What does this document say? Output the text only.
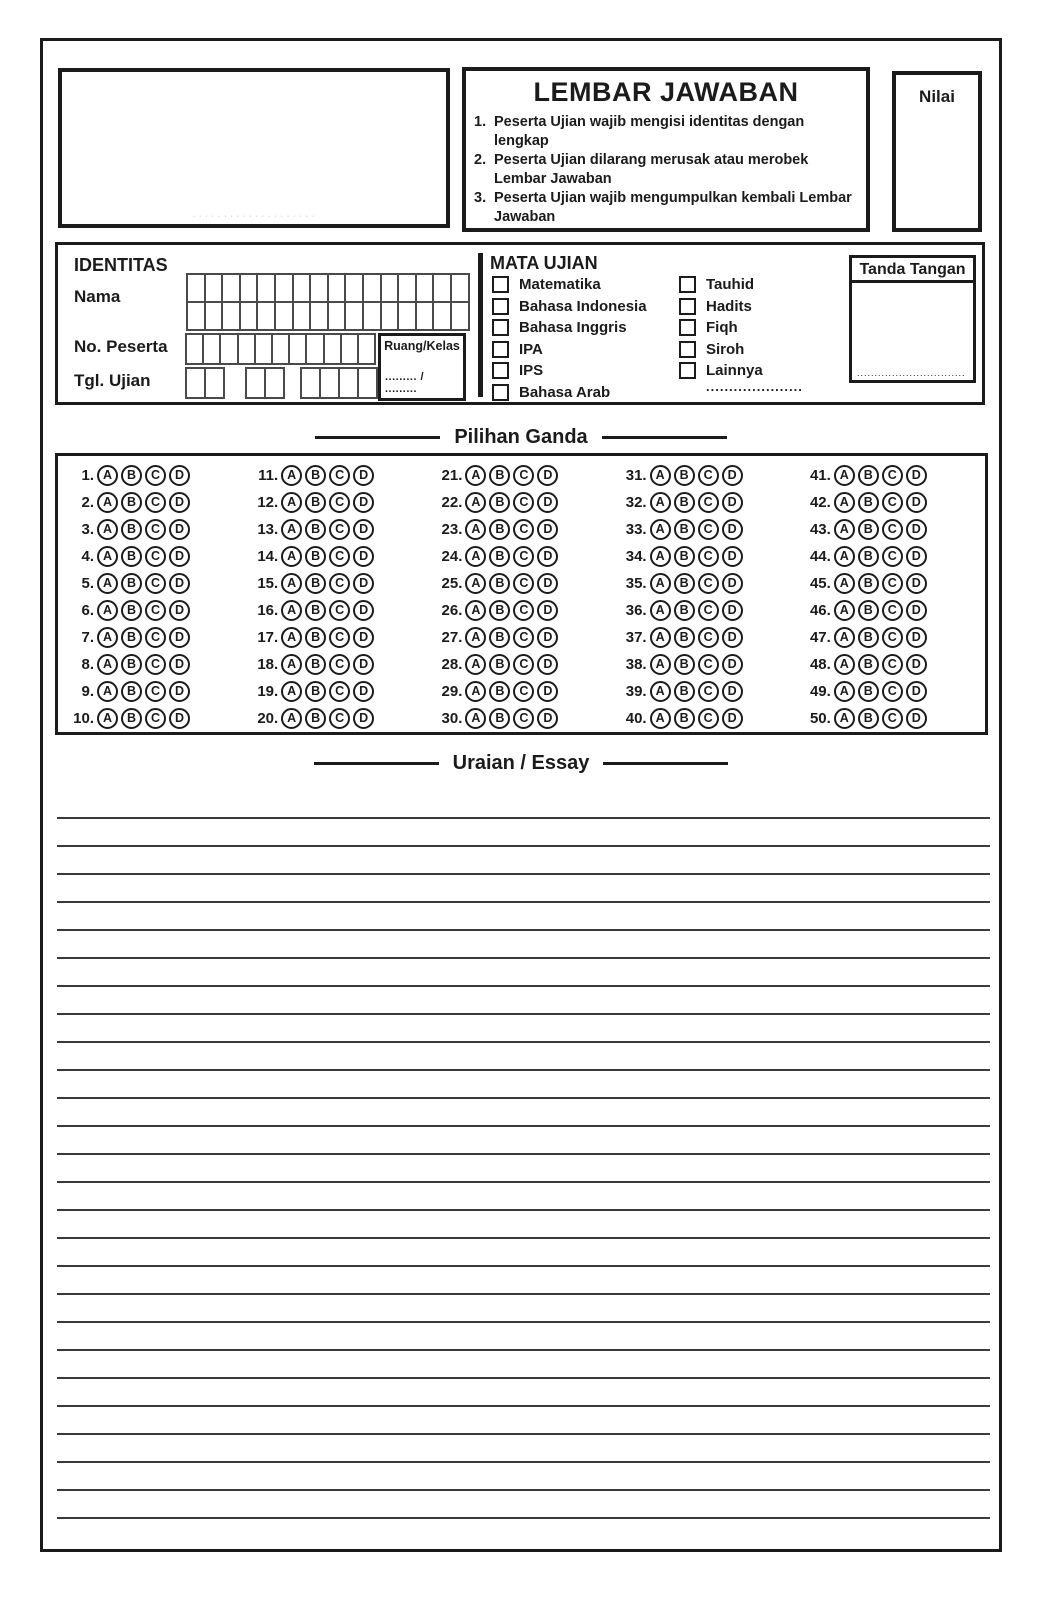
· · · · · · · · · · · · · · · · · · · ·
LEMBAR JAWABAN
1. Peserta Ujian wajib mengisi identitas dengan lengkap
2. Peserta Ujian dilarang merusak atau merobek Lembar Jawaban
3. Peserta Ujian wajib mengumpulkan kembali Lembar Jawaban
Nilai
IDENTITAS
Nama
No. Peserta
Tgl. Ujian
Ruang/Kelas
......... / .........
MATA UJIAN
Matematika
Bahasa Indonesia
Bahasa Inggris
IPA
IPS
Bahasa Arab
Tauhid
Hadits
Fiqh
Siroh
Lainnya
.....................
Tanda Tangan
...............................
Pilihan Ganda
1. A	B	C	D
2. A	B	C	D
3. A	B	C	D
4. A	B	C	D
5. A	B	C	D
6. A	B	C	D
7. A	B	C	D
8. A	B	C	D
9. A	B	C	D
10. A	B	C	D
11. A	B	C	D
12. A	B	C	D
13. A	B	C	D
14. A	B	C	D
15. A	B	C	D
16. A	B	C	D
17. A	B	C	D
18. A	B	C	D
19. A	B	C	D
20. A	B	C	D
21. A	B	C	D
22. A	B	C	D
23. A	B	C	D
24. A	B	C	D
25. A	B	C	D
26. A	B	C	D
27. A	B	C	D
28. A	B	C	D
29. A	B	C	D
30. A	B	C	D
31. A	B	C	D
32. A	B	C	D
33. A	B	C	D
34. A	B	C	D
35. A	B	C	D
36. A	B	C	D
37. A	B	C	D
38. A	B	C	D
39. A	B	C	D
40. A	B	C	D
41. A	B	C	D
42. A	B	C	D
43. A	B	C	D
44. A	B	C	D
45. A	B	C	D
46. A	B	C	D
47. A	B	C	D
48. A	B	C	D
49. A	B	C	D
50. A	B	C	D
Uraian / Essay
